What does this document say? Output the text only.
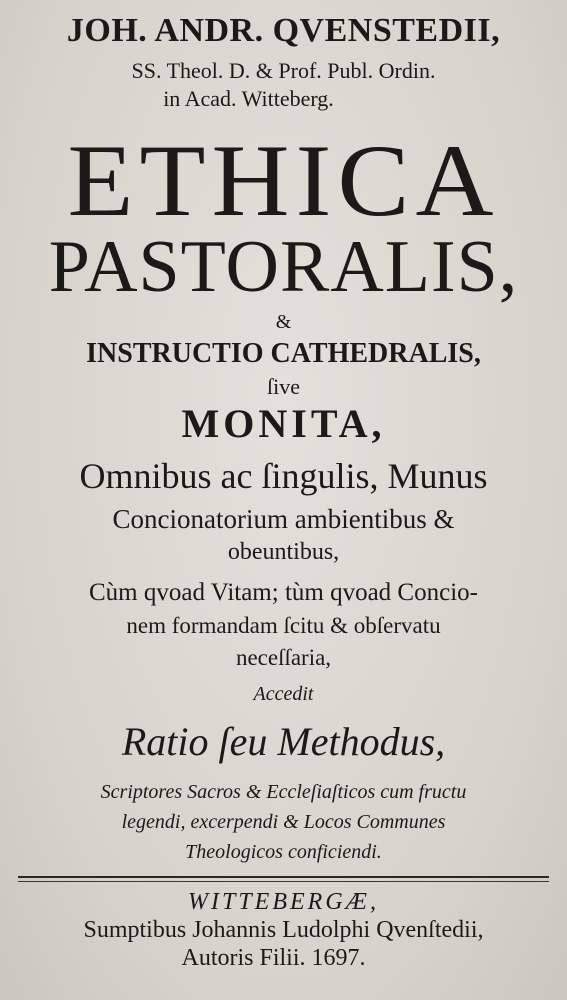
JOH. ANDR. QVENSTEDII,
SS. Theol. D. & Prof. Publ. Ordin.
in Acad. Witteberg.
ETHICA
PASTORALIS,
&
INSTRUCTIO CATHEDRALIS,
ſive
MONITA,
Omnibus ac ſingulis, Munus
Concionatorium ambientibus &
obeuntibus,
Cùm qvoad Vitam; tùm qvoad Concio-
nem formandam ſcitu & obſervatu
neceſſaria,
Accedit
Ratio ſeu Methodus,
Scriptores Sacros & Eccleſiaſticos cum fructu
legendi, excerpendi & Locos Communes
Theologicos conficiendi.
WITTEBERGÆ,
Sumptibus Johannis Ludolphi Qvenſtedii,
Autoris Filii. 1697.
